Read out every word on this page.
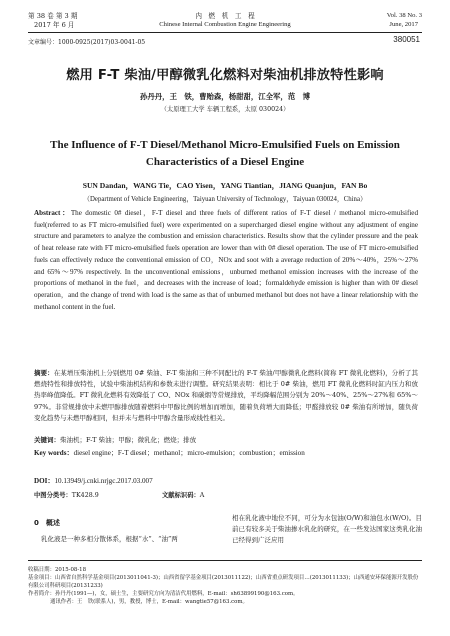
第 38 卷 第 3 期
2017 年 6 月
内　燃　机　工　程
Chinese Internal Combustion Engine Engineering
Vol. 38 No. 3
June, 2017
文章编号：1000-0925(2017)03-0041-05	380051
燃用 F-T 柴油/甲醇微乳化燃料对柴油机排放特性影响
孙丹丹，王　铁，曹贻森，杨甜甜，江全军，范　博
（太原理工大学 车辆工程系，太原 030024）
The Influence of F-T Diesel/Methanol Micro-Emulsified Fuels on Emission
Characteristics of a Diesel Engine
SUN Dandan，WANG Tie，CAO Yisen，YANG Tiantian，JIANG Quanjun，FAN Bo
（Department of Vehicle Engineering，Taiyuan University of Technology，Taiyuan 030024，China）
Abstract：The domestic 0# diesel，F-T diesel and three fuels of different ratios of F-T diesel / methanol micro-emulsified fuel(referred to as FT micro-emulsified fuel) were experimented on a supercharged diesel engine without any adjustment of engine structure and parameters to analyze the combustion and emission characteristics. Results show that the cylinder pressure and the peak of heat release rate with FT micro-emulsified fuels operation are lower than with 0# diesel operation. The use of FT micro-emulsified fuels can effectively reduce the conventional emission of CO，NOx and soot with a average reduction of 20%～40%，25%～27% and 65%～97% respectively. In the unconventional emissions，unburned methanol emission increases with the increase of the proportions of methanol in the fuel，and decreases with the increase of load；formaldehyde emission is higher than with 0# diesel operation，and the change of trend with load is the same as that of unburned methanol but does not have a linear relationship with the methanol content in the fuel.
摘要：在某增压柴油机上分别燃用 0# 柴油、F-T 柴油和三种不同配比的 F-T 柴油/甲醇微乳化燃料(简称 FT 微乳化燃料)，分析了其燃烧特性和排放特性，试验中柴油机结构和参数未进行调整。研究结果表明：相比于 0# 柴油，燃用 FT 微乳化燃料时缸内压力和放热率峰值降低。FT 微乳化燃料有效降低了 CO、NOx 和碳烟等常规排放，平均降幅范围分别为 20%～40%、25%～27%和 65%～97%。非常规排放中未燃甲醇排放随着燃料中甲醇比例的增加而增加，随着负荷增大而降低；甲醛排放较 0# 柴油有所增加，随负荷变化趋势与未燃甲醇相同，但并未与燃料中甲醇含量形成线性相关。
关键词：柴油机；F-T 柴油；甲醇；微乳化；燃烧；排放
Key words：diesel engine；F-T diesel；methanol；micro-emulsion；combustion；emission
DOI：10.13949/j.cnki.nrjgc.2017.03.007
中图分类号：TK428.9	文献标识码：A
0　概述
乳化液是一种多相分散体系，根据“水”、“油”两
相在乳化液中地位不同，可分为水包油(O/W)和油包水(W/O)。目前已有较多关于柴油掺水乳化的研究，在一些发达国家这类乳化油已经得到广泛应用
收稿日期：2015-08-18
基金项目：山西省自然科学基金项目(2013011041-3)；山西省留学基金项目(2013011122)；山西省重点研发项目…(2013011133)；山西通安环保能源开发股份有限公司科研项目(20131233)
作者简介：孙丹丹(1991—)，女，硕士生，主要研究方向为清洁代用燃料，E-mail：sh63899190@163.com。
通讯作者：王　铁(联系人)，男，教授，博士，E-mail：wangtie57@163.com。
